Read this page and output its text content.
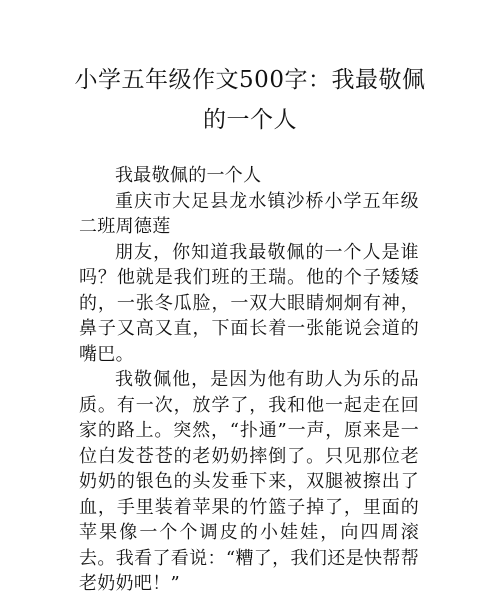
小学五年级作文500字：我最敬佩
的一个人

我最敬佩的一个人

重庆市大足县龙水镇沙桥小学五年级二班周德莲

朋友，你知道我最敬佩的一个人是谁吗？他就是我们班的王瑞。他的个子矮矮的，一张冬瓜脸，一双大眼睛炯炯有神，鼻子又高又直，下面长着一张能说会道的嘴巴。

我敬佩他，是因为他有助人为乐的品质。有一次，放学了，我和他一起走在回家的路上。突然，“扑通”一声，原来是一位白发苍苍的老奶奶摔倒了。只见那位老奶奶的银色的头发垂下来，双腿被擦出了血，手里装着苹果的竹篮子掉了，里面的苹果像一个个调皮的小娃娃，向四周滚去。我看了看说：“糟了，我们还是快帮帮老奶奶吧！”
